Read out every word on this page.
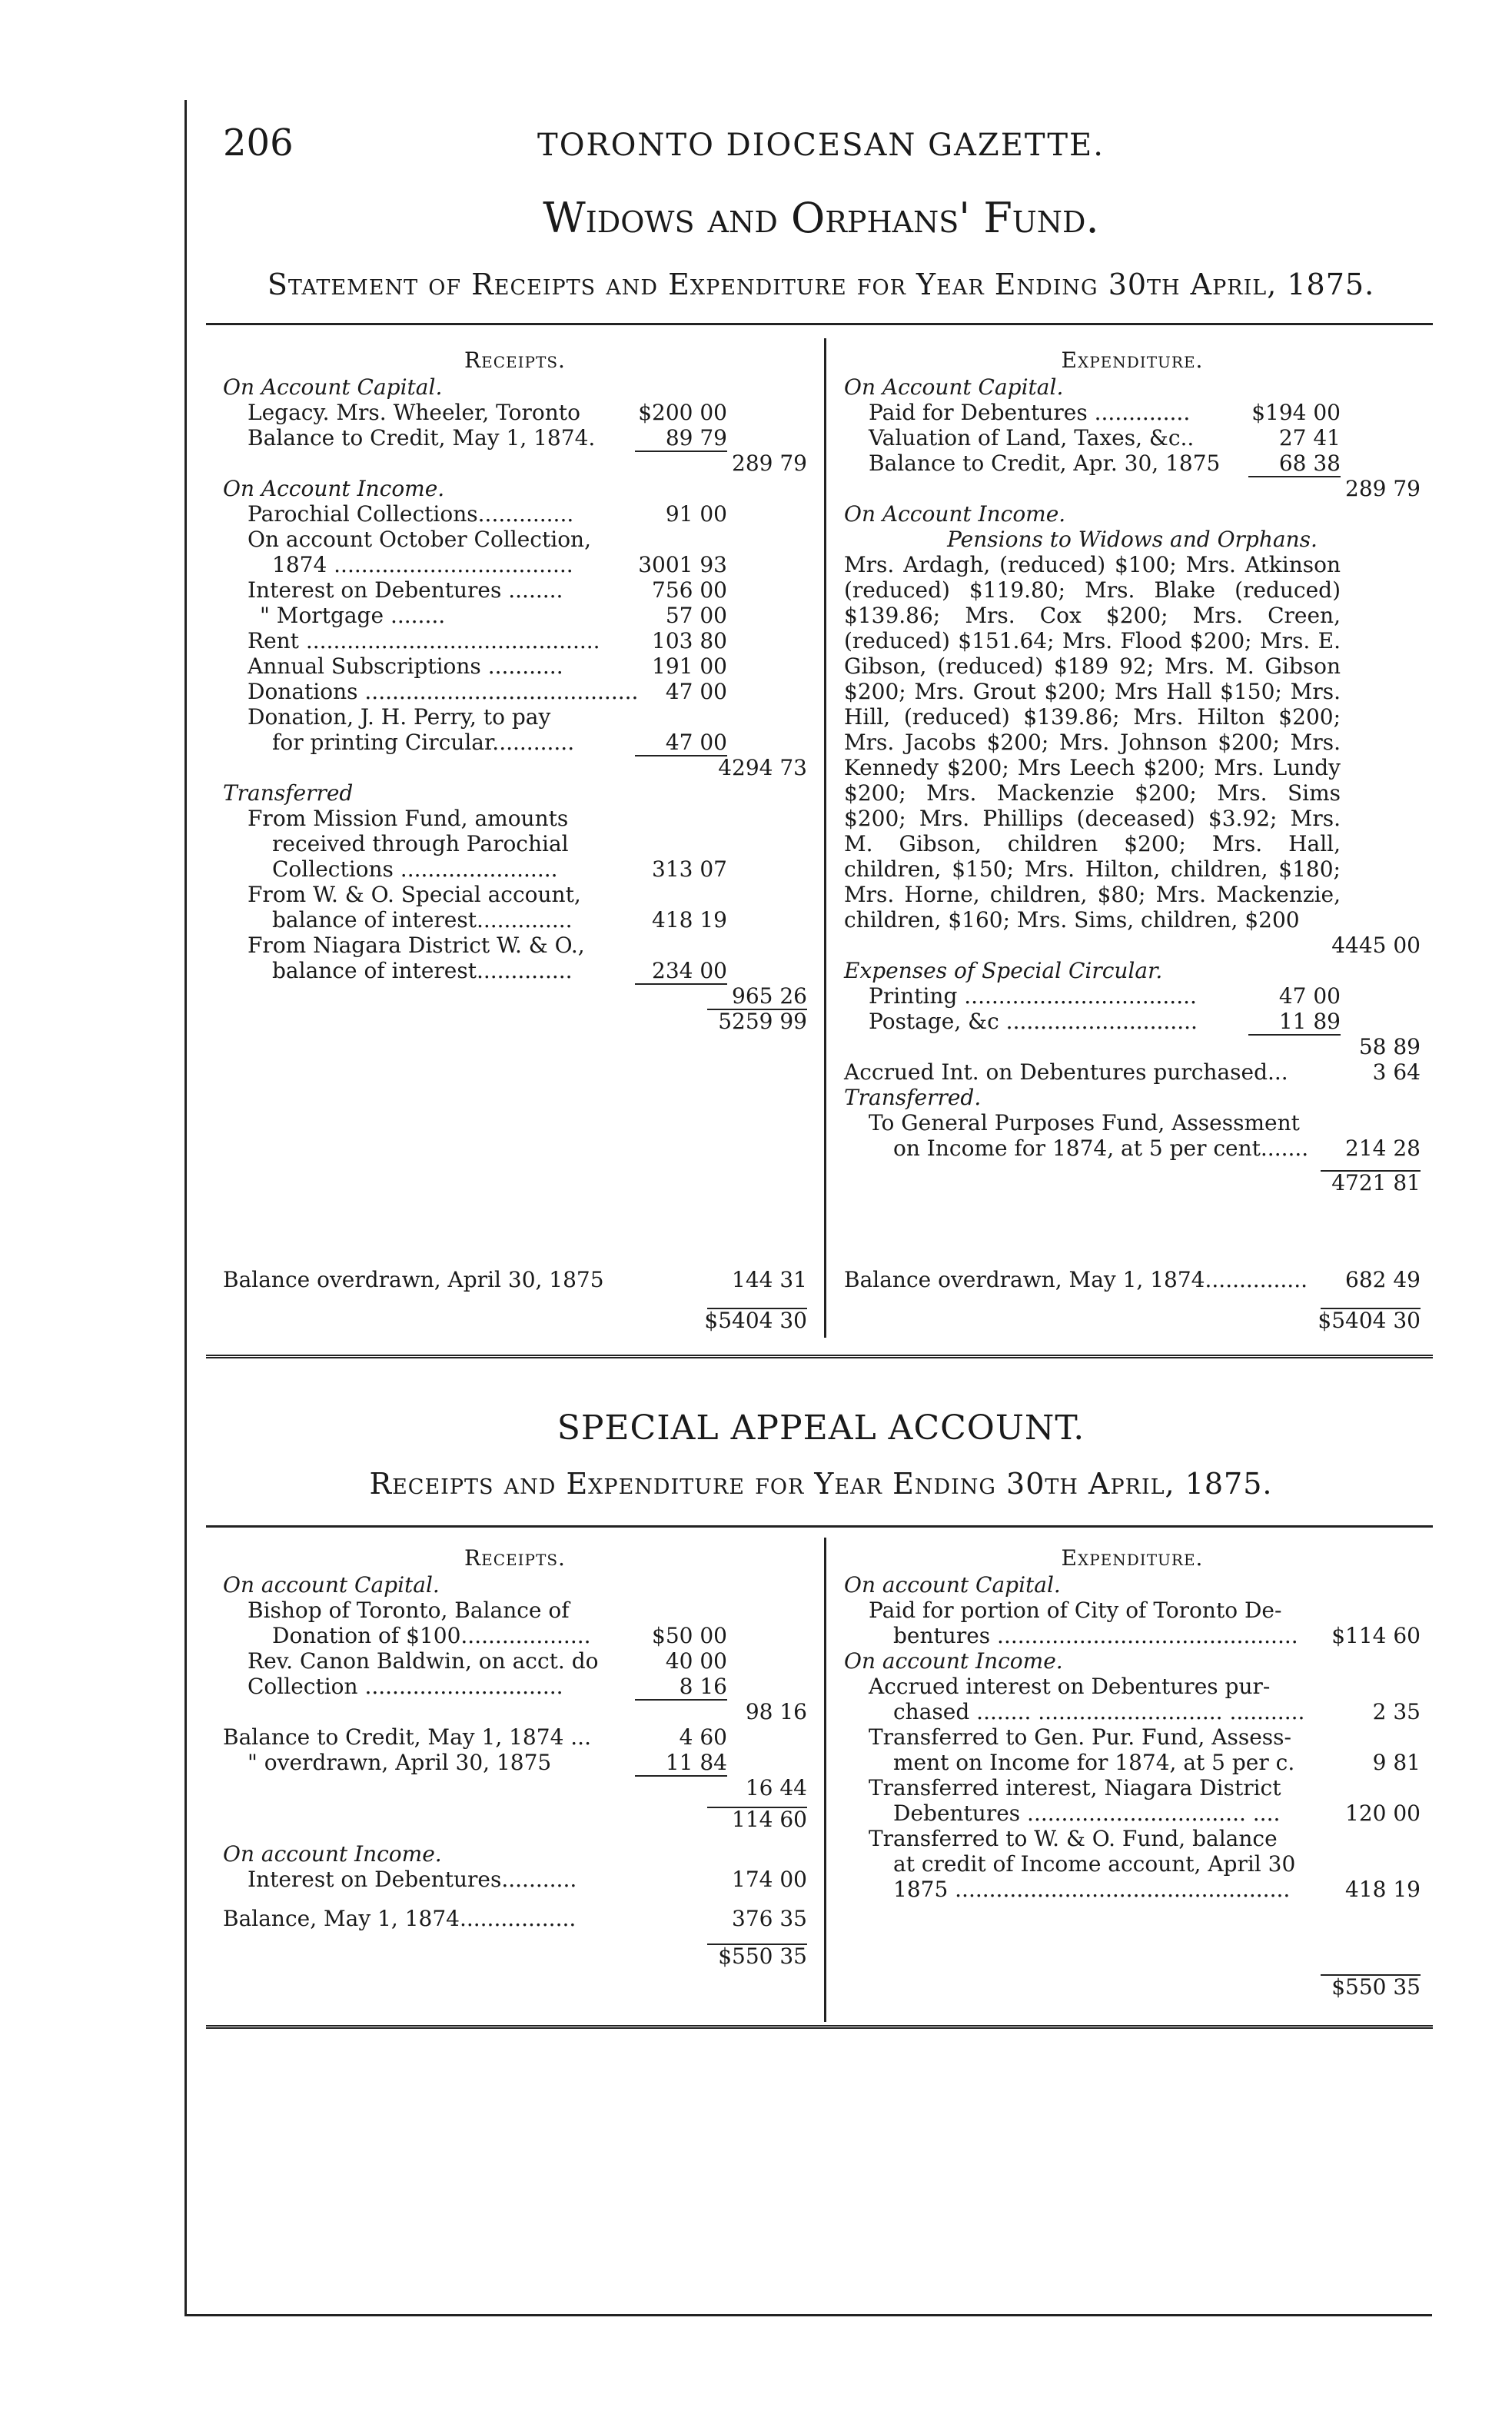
206	TORONTO DIOCESAN GAZETTE.
Widows and Orphans' Fund.
Statement of Receipts and Expenditure for Year Ending 30th April, 1875.
Receipts.
On Account Capital.
Legacy. Mrs. Wheeler, Toronto	$200 00
Balance to Credit, May 1, 1874.	89 79
289 79
On Account Income.
Parochial Collections..............	91 00
On account October Collection,
1874 ...................................	3001 93
Interest on Debentures ........	756 00
" Mortgage ........	57 00
Rent ........................................... 103 80
Annual Subscriptions ...........	191 00
Donations ........................................ 47 00
Donation, J. H. Perry, to pay
for printing Circular............	47 00
4294 73
Transferred
From Mission Fund, amounts
received through Parochial
Collections .......................	313 07
From W. & O. Special account,
balance of interest..............	418 19
From Niagara District W. & O.,
balance of interest..............	234 00
965 26
5259 99
Balance overdrawn, April 30, 1875	144 31
$5404 30
Expenditure.
On Account Capital.
Paid for Debentures ..............	$194 00
Valuation of Land, Taxes, &c..	27 41
Balance to Credit, Apr. 30, 1875	68 38
289 79
On Account Income.
Pensions to Widows and Orphans.
Mrs. Ardagh, (reduced) $100; Mrs. Atkinson (reduced) $119.80; Mrs. Blake (reduced) $139.86; Mrs. Cox $200; Mrs. Creen, (reduced) $151.64; Mrs. Flood $200; Mrs. E. Gibson, (reduced) $189 92; Mrs. M. Gibson $200; Mrs. Grout $200; Mrs Hall $150; Mrs. Hill, (reduced) $139.86; Mrs. Hilton $200; Mrs. Jacobs $200; Mrs. Johnson $200; Mrs. Kennedy $200; Mrs Leech $200; Mrs. Lundy $200; Mrs. Mackenzie $200; Mrs. Sims $200; Mrs. Phillips (deceased) $3.92; Mrs. M. Gibson, children $200; Mrs. Hall, children, $150; Mrs. Hilton, children, $180; Mrs. Horne, children, $80; Mrs. Mackenzie, children, $160; Mrs. Sims, children, $200
4445 00
Expenses of Special Circular.
Printing ..................................	47 00
Postage, &c ............................	11 89
58 89
Accrued Int. on Debentures purchased...	3 64
Transferred.
To General Purposes Fund, Assessment
on Income for 1874, at 5 per cent....... 214 28
4721 81
Balance overdrawn, May 1, 1874............... 682 49
$5404 30
SPECIAL APPEAL ACCOUNT.
Receipts and Expenditure for Year Ending 30th April, 1875.
Receipts.
On account Capital.
Bishop of Toronto, Balance of
Donation of $100...................	$50 00
Rev. Canon Baldwin, on acct. do	40 00
Collection .............................	8 16
98 16
Balance to Credit, May 1, 1874 ...	4 60
" overdrawn, April 30, 1875	11 84
16 44
114 60
On account Income.
Interest on Debentures...........	174 00
Balance, May 1, 1874.................	376 35
$550 35
Expenditure.
On account Capital.
Paid for portion of City of Toronto De-
bentures ............................................ $114 60
On account Income.
Accrued interest on Debentures pur-
chased ........ ........................... ...........	2 35
Transferred to Gen. Pur. Fund, Assess-
ment on Income for 1874, at 5 per c.	9 81
Transferred interest, Niagara District
Debentures ................................ ....	120 00
Transferred to W. & O. Fund, balance
at credit of Income account, April 30
1875 .................................................	418 19
$550 35
